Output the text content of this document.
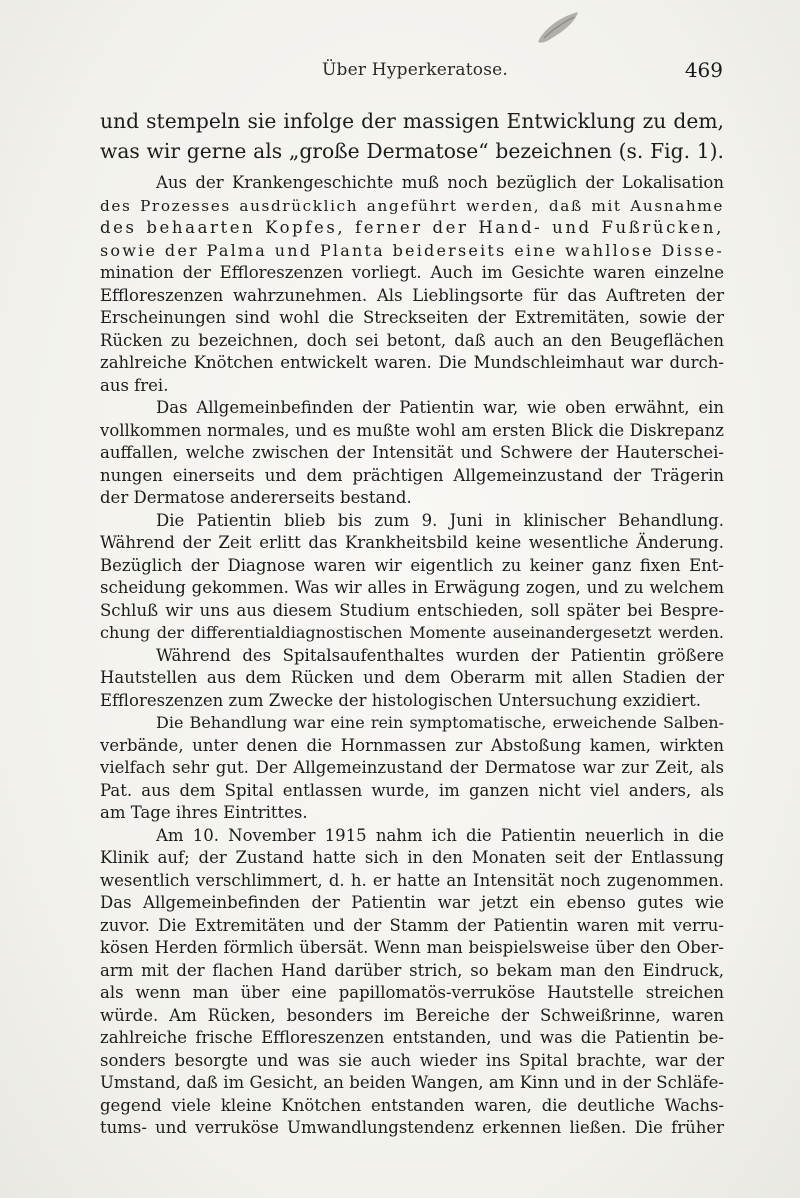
Über Hyperkeratose.	469
und stempeln sie infolge der massigen Entwicklung zu dem,
was wir gerne als „große Dermatose“ bezeichnen (s. Fig. 1).
Aus der Krankengeschichte muß noch bezüglich der Lokalisation
des Prozesses ausdrücklich angeführt werden, daß mit Ausnahme
des behaarten Kopfes, ferner der Hand- und Fußrücken,
sowie der Palma und Planta beiderseits eine wahllose Disse-
mination der Effloreszenzen vorliegt. Auch im Gesichte waren einzelne
Effloreszenzen wahrzunehmen. Als Lieblingsorte für das Auftreten der
Erscheinungen sind wohl die Streckseiten der Extremitäten, sowie der
Rücken zu bezeichnen, doch sei betont, daß auch an den Beugeflächen
zahlreiche Knötchen entwickelt waren. Die Mundschleimhaut war durch-
aus frei.
Das Allgemeinbefinden der Patientin war, wie oben erwähnt, ein
vollkommen normales, und es mußte wohl am ersten Blick die Diskrepanz
auffallen, welche zwischen der Intensität und Schwere der Hauterschei-
nungen einerseits und dem prächtigen Allgemeinzustand der Trägerin
der Dermatose andererseits bestand.
Die Patientin blieb bis zum 9. Juni in klinischer Behandlung.
Während der Zeit erlitt das Krankheitsbild keine wesentliche Änderung.
Bezüglich der Diagnose waren wir eigentlich zu keiner ganz fixen Ent-
scheidung gekommen. Was wir alles in Erwägung zogen, und zu welchem
Schluß wir uns aus diesem Studium entschieden, soll später bei Bespre-
chung der differentialdiagnostischen Momente auseinandergesetzt werden.
Während des Spitalsaufenthaltes wurden der Patientin größere
Hautstellen aus dem Rücken und dem Oberarm mit allen Stadien der
Effloreszenzen zum Zwecke der histologischen Untersuchung exzidiert.
Die Behandlung war eine rein symptomatische, erweichende Salben-
verbände, unter denen die Hornmassen zur Abstoßung kamen, wirkten
vielfach sehr gut. Der Allgemeinzustand der Dermatose war zur Zeit, als
Pat. aus dem Spital entlassen wurde, im ganzen nicht viel anders, als
am Tage ihres Eintrittes.
Am 10. November 1915 nahm ich die Patientin neuerlich in die
Klinik auf; der Zustand hatte sich in den Monaten seit der Entlassung
wesentlich verschlimmert, d. h. er hatte an Intensität noch zugenommen.
Das Allgemeinbefinden der Patientin war jetzt ein ebenso gutes wie
zuvor. Die Extremitäten und der Stamm der Patientin waren mit verru-
kösen Herden förmlich übersät. Wenn man beispielsweise über den Ober-
arm mit der flachen Hand darüber strich, so bekam man den Eindruck,
als wenn man über eine papillomatös-verruköse Hautstelle streichen
würde. Am Rücken, besonders im Bereiche der Schweißrinne, waren
zahlreiche frische Effloreszenzen entstanden, und was die Patientin be-
sonders besorgte und was sie auch wieder ins Spital brachte, war der
Umstand, daß im Gesicht, an beiden Wangen, am Kinn und in der Schläfe-
gegend viele kleine Knötchen entstanden waren, die deutliche Wachs-
tums- und verruköse Umwandlungstendenz erkennen ließen. Die früher
